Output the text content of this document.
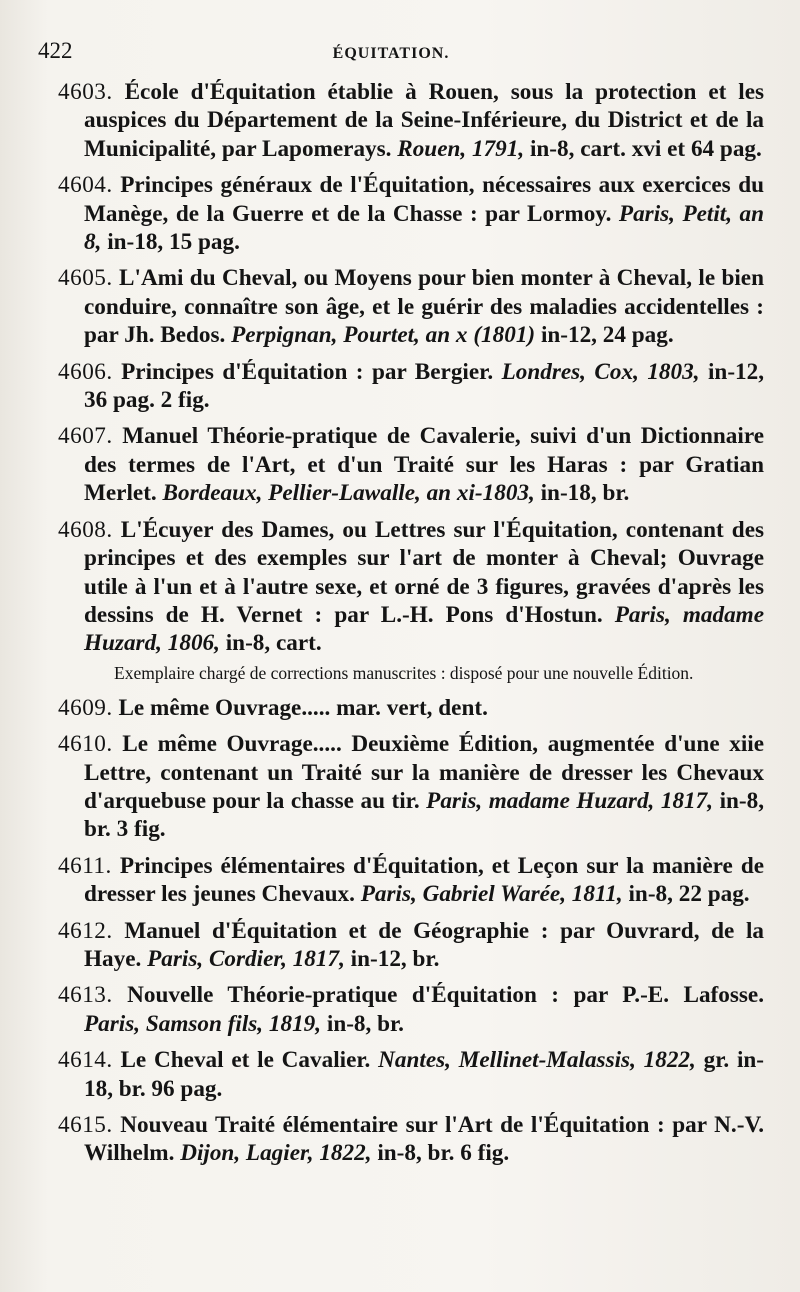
422	ÉQUITATION.
4603. École d'Équitation établie à Rouen, sous la protection et les auspices du Département de la Seine-Inférieure, du District et de la Municipalité, par Lapomerays. Rouen, 1791, in-8, cart. xvi et 64 pag.
4604. Principes généraux de l'Équitation, nécessaires aux exercices du Manège, de la Guerre et de la Chasse : par Lormoy. Paris, Petit, an 8, in-18, 15 pag.
4605. L'Ami du Cheval, ou Moyens pour bien monter à Cheval, le bien conduire, connaître son âge, et le guérir des maladies accidentelles : par Jh. Bedos. Perpignan, Pourtet, an x (1801) in-12, 24 pag.
4606. Principes d'Équitation : par Bergier. Londres, Cox, 1803, in-12, 36 pag. 2 fig.
4607. Manuel Théorie-pratique de Cavalerie, suivi d'un Dictionnaire des termes de l'Art, et d'un Traité sur les Haras : par Gratian Merlet. Bordeaux, Pellier-Lawalle, an xi-1803, in-18, br.
4608. L'Écuyer des Dames, ou Lettres sur l'Équitation, contenant des principes et des exemples sur l'art de monter à Cheval; Ouvrage utile à l'un et à l'autre sexe, et orné de 3 figures, gravées d'après les dessins de H. Vernet : par L.-H. Pons d'Hostun. Paris, madame Huzard, 1806, in-8, cart.
Exemplaire chargé de corrections manuscrites : disposé pour une nouvelle Édition.
4609. Le même Ouvrage..... mar. vert, dent.
4610. Le même Ouvrage..... Deuxième Édition, augmentée d'une xiie Lettre, contenant un Traité sur la manière de dresser les Chevaux d'arquebuse pour la chasse au tir. Paris, madame Huzard, 1817, in-8, br. 3 fig.
4611. Principes élémentaires d'Équitation, et Leçon sur la manière de dresser les jeunes Chevaux. Paris, Gabriel Warée, 1811, in-8, 22 pag.
4612. Manuel d'Équitation et de Géographie : par Ouvrard, de la Haye. Paris, Cordier, 1817, in-12, br.
4613. Nouvelle Théorie-pratique d'Équitation : par P.-E. Lafosse. Paris, Samson fils, 1819, in-8, br.
4614. Le Cheval et le Cavalier. Nantes, Mellinet-Malassis, 1822, gr. in-18, br. 96 pag.
4615. Nouveau Traité élémentaire sur l'Art de l'Équitation : par N.-V. Wilhelm. Dijon, Lagier, 1822, in-8, br. 6 fig.
